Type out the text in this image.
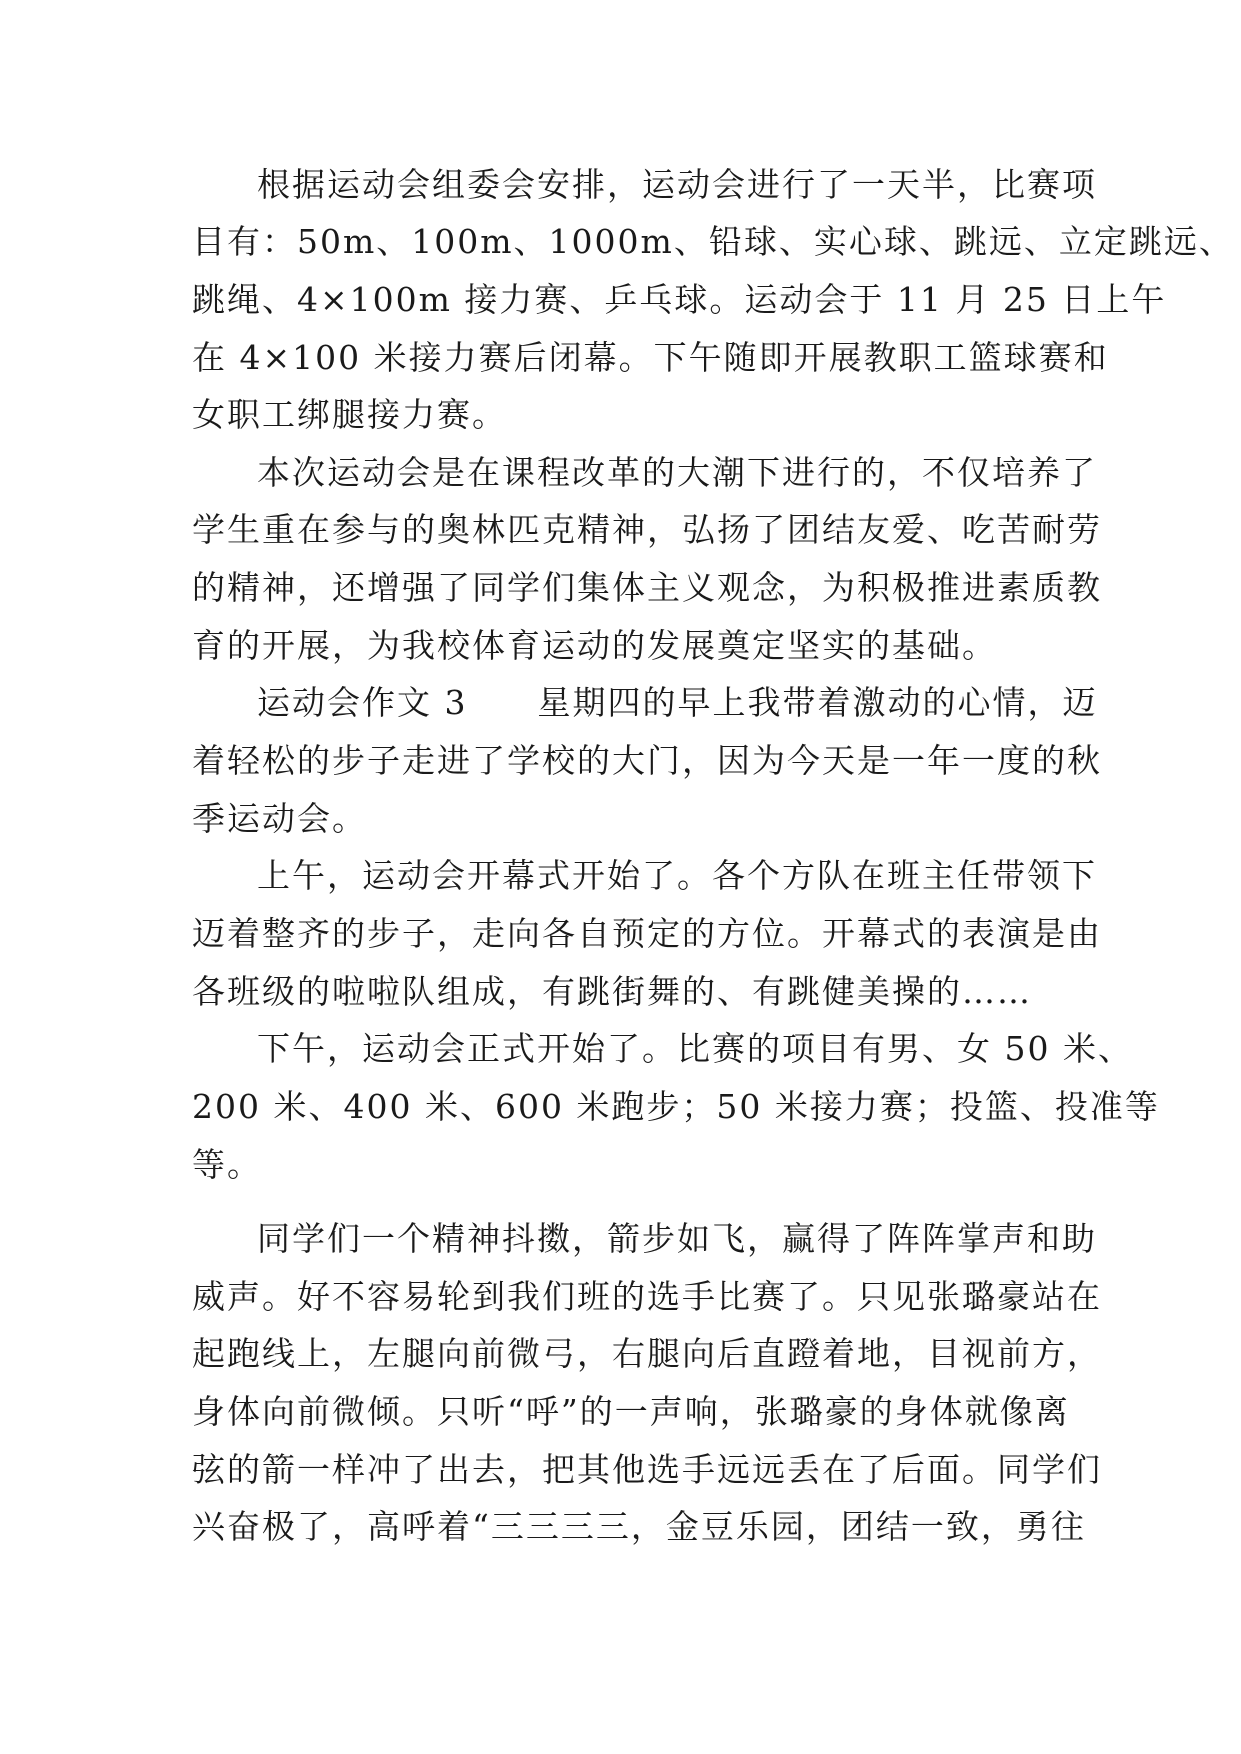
根据运动会组委会安排，运动会进行了一天半，比赛项
目有：50m、100m、1000m、铅球、实心球、跳远、立定跳远、
跳绳、4×100m 接力赛、乒乓球。运动会于 11 月 25 日上午
在 4×100 米接力赛后闭幕。下午随即开展教职工篮球赛和
女职工绑腿接力赛。
本次运动会是在课程改革的大潮下进行的，不仅培养了
学生重在参与的奥林匹克精神，弘扬了团结友爱、吃苦耐劳
的精神，还增强了同学们集体主义观念，为积极推进素质教
育的开展，为我校体育运动的发展奠定坚实的基础。
运动会作文 3　　星期四的早上我带着激动的心情，迈
着轻松的步子走进了学校的大门，因为今天是一年一度的秋
季运动会。
上午，运动会开幕式开始了。各个方队在班主任带领下
迈着整齐的步子，走向各自预定的方位。开幕式的表演是由
各班级的啦啦队组成，有跳街舞的、有跳健美操的……
下午，运动会正式开始了。比赛的项目有男、女 50 米、
200 米、400 米、600 米跑步；50 米接力赛；投篮、投准等
等。
同学们一个精神抖擞，箭步如飞，赢得了阵阵掌声和助
威声。好不容易轮到我们班的选手比赛了。只见张璐豪站在
起跑线上，左腿向前微弓，右腿向后直蹬着地，目视前方，
身体向前微倾。只听“呼”的一声响，张璐豪的身体就像离
弦的箭一样冲了出去，把其他选手远远丢在了后面。同学们
兴奋极了，高呼着“三三三三，金豆乐园，团结一致，勇往
